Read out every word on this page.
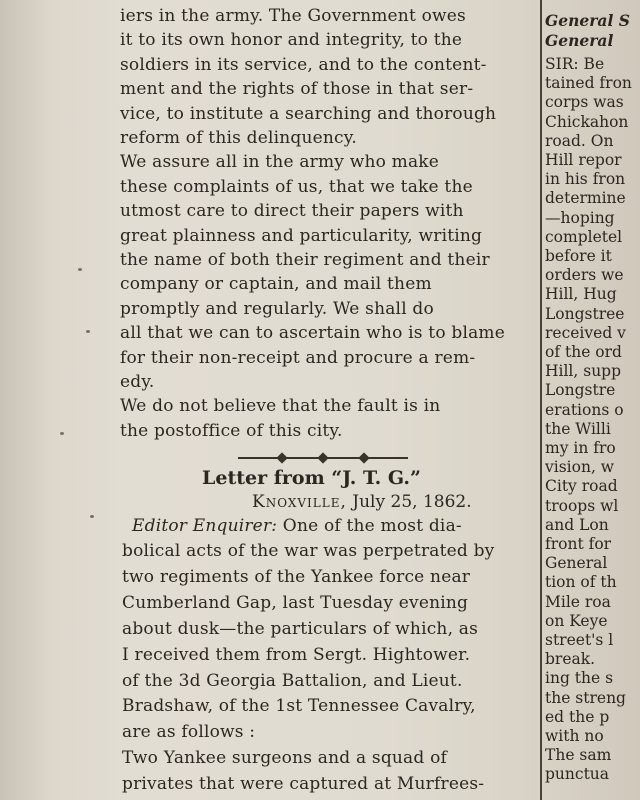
iers in the army. The Government owes
it to its own honor and integrity, to the
soldiers in its service, and to the content-
ment and the rights of those in that ser-
vice, to institute a searching and thorough
reform of this delinquency.
We assure all in the army who make
these complaints of us, that we take the
utmost care to direct their papers with
great plainness and particularity, writing
the name of both their regiment and their
company or captain, and mail them
promptly and regularly. We shall do
all that we can to ascertain who is to blame
for their non-receipt and procure a rem-
edy.
We do not believe that the fault is in
the postoffice of this city.
Letter from “J. T. G.”
Knoxville, July 25, 1862.
Editor Enquirer: One of the most dia-
bolical acts of the war was perpetrated by
two regiments of the Yankee force near
Cumberland Gap, last Tuesday evening
about dusk—the particulars of which, as
I received them from Sergt. Hightower.
of the 3d Georgia Battalion, and Lieut.
Bradshaw, of the 1st Tennessee Cavalry,
are as follows :
Two Yankee surgeons and a squad of
privates that were captured at Murfrees-
General S
General
SIR: Be
tained fron
corps was
Chickahon
road. On
Hill repor
in his fron
determine
—hoping
completel
before it
orders we
Hill, Hug
Longstree
received v
of the ord
Hill, supp
Longstre
erations o
the Willi
my in fro
vision, w
City road
troops wl
and Lon
front for
General
tion of th
Mile roa
on Keye
street's l
break.
ing the s
the streng
ed the p
with no
The sam
punctua
